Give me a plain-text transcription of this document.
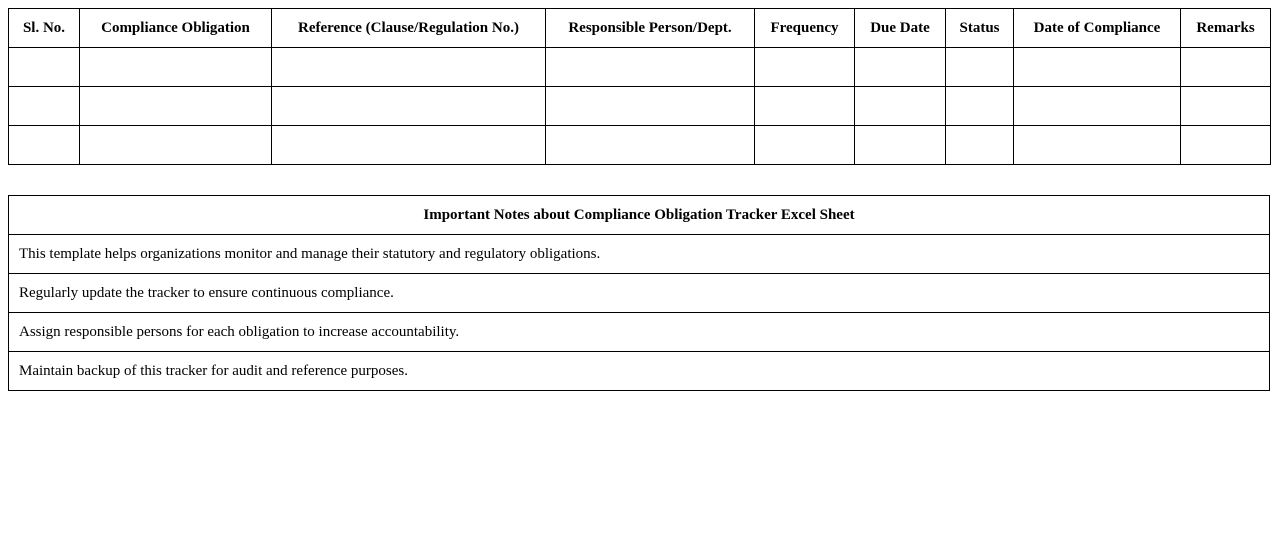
Sl. No.	Compliance Obligation	Reference (Clause/Regulation No.)	Responsible Person/Dept.	Frequency	Due Date	Status	Date of Compliance	Remarks

Important Notes about Compliance Obligation Tracker Excel Sheet
This template helps organizations monitor and manage their statutory and regulatory obligations.
Regularly update the tracker to ensure continuous compliance.
Assign responsible persons for each obligation to increase accountability.
Maintain backup of this tracker for audit and reference purposes.
